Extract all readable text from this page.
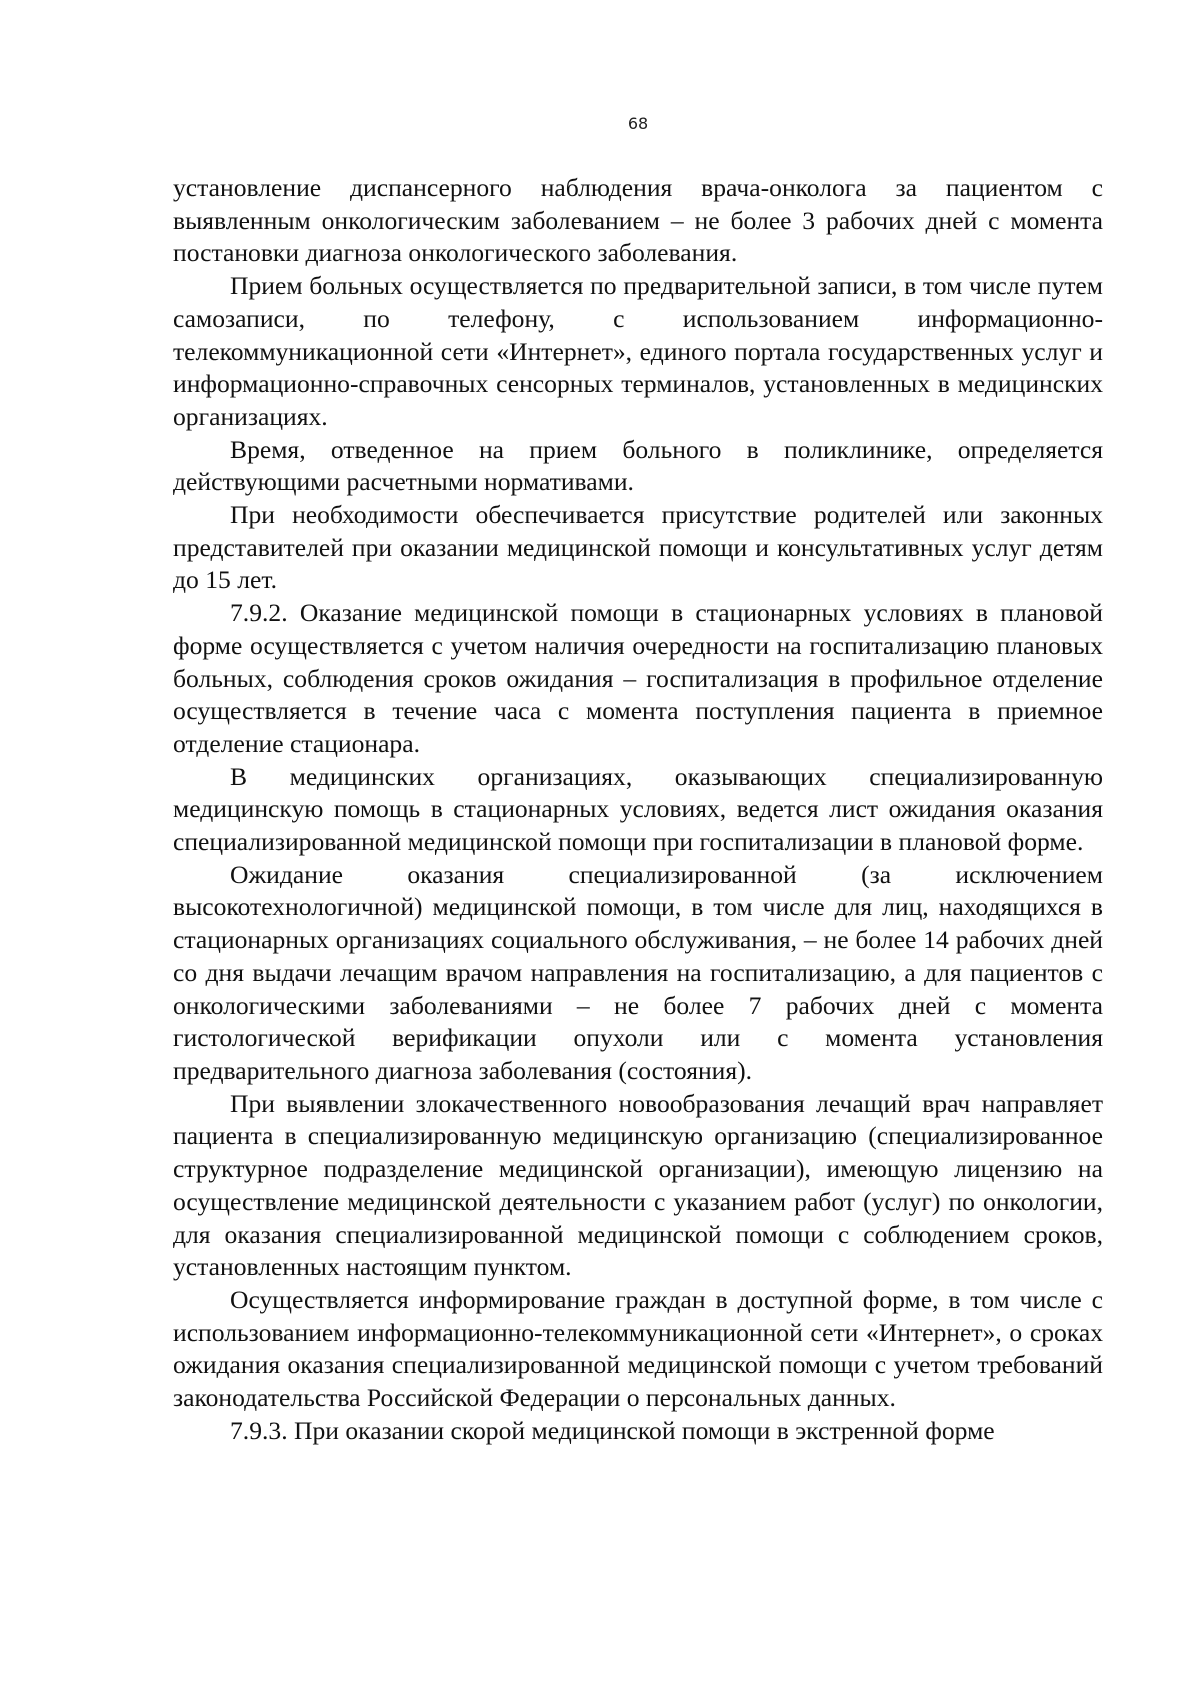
68

установление диспансерного наблюдения врача-онколога за пациентом с выявленным онкологическим заболеванием – не более 3 рабочих дней с момента постановки диагноза онкологического заболевания.

Прием больных осуществляется по предварительной записи, в том числе путем самозаписи, по телефону, с использованием информационно-телекоммуникационной сети «Интернет», единого портала государственных услуг и информационно-справочных сенсорных терминалов, установленных в медицинских организациях.

Время, отведенное на прием больного в поликлинике, определяется действующими расчетными нормативами.

При необходимости обеспечивается присутствие родителей или законных представителей при оказании медицинской помощи и консультативных услуг детям до 15 лет.

7.9.2. Оказание медицинской помощи в стационарных условиях в плановой форме осуществляется с учетом наличия очередности на госпитализацию плановых больных, соблюдения сроков ожидания – госпитализация в профильное отделение осуществляется в течение часа с момента поступления пациента в приемное отделение стационара.

В медицинских организациях, оказывающих специализированную медицинскую помощь в стационарных условиях, ведется лист ожидания оказания специализированной медицинской помощи при госпитализации в плановой форме.

Ожидание оказания специализированной (за исключением высокотехнологичной) медицинской помощи, в том числе для лиц, находящихся в стационарных организациях социального обслуживания, – не более 14 рабочих дней со дня выдачи лечащим врачом направления на госпитализацию, а для пациентов с онкологическими заболеваниями – не более 7 рабочих дней с момента гистологической верификации опухоли или с момента установления предварительного диагноза заболевания (состояния).

При выявлении злокачественного новообразования лечащий врач направляет пациента в специализированную медицинскую организацию (специализированное структурное подразделение медицинской организации), имеющую лицензию на осуществление медицинской деятельности с указанием работ (услуг) по онкологии, для оказания специализированной медицинской помощи с соблюдением сроков, установленных настоящим пунктом.

Осуществляется информирование граждан в доступной форме, в том числе с использованием информационно-телекоммуникационной сети «Интернет», о сроках ожидания оказания специализированной медицинской помощи с учетом требований законодательства Российской Федерации о персональных данных.

7.9.3. При оказании скорой медицинской помощи в экстренной форме
